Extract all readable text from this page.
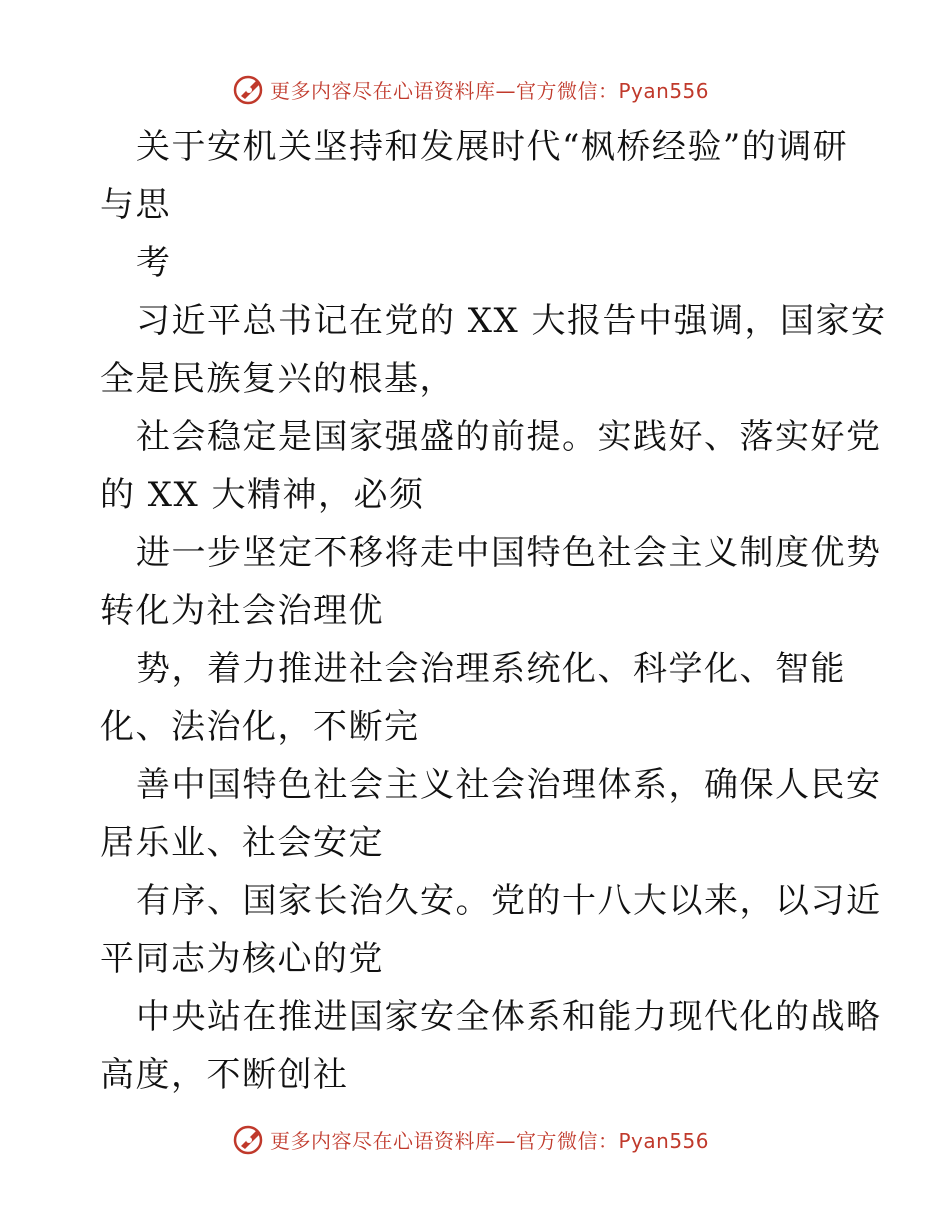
更多内容尽在心语资料库—官方微信：Pyan556
关于安机关坚持和发展时代“枫桥经验”的调研
与思
考
习近平总书记在党的 XX 大报告中强调，国家安
全是民族复兴的根基，
社会稳定是国家强盛的前提。实践好、落实好党
的 XX 大精神，必须
进一步坚定不移将走中国特色社会主义制度优势
转化为社会治理优
势，着力推进社会治理系统化、科学化、智能
化、法治化，不断完
善中国特色社会主义社会治理体系，确保人民安
居乐业、社会安定
有序、国家长治久安。党的十八大以来，以习近
平同志为核心的党
中央站在推进国家安全体系和能力现代化的战略
高度，不断创社
更多内容尽在心语资料库—官方微信：Pyan556
